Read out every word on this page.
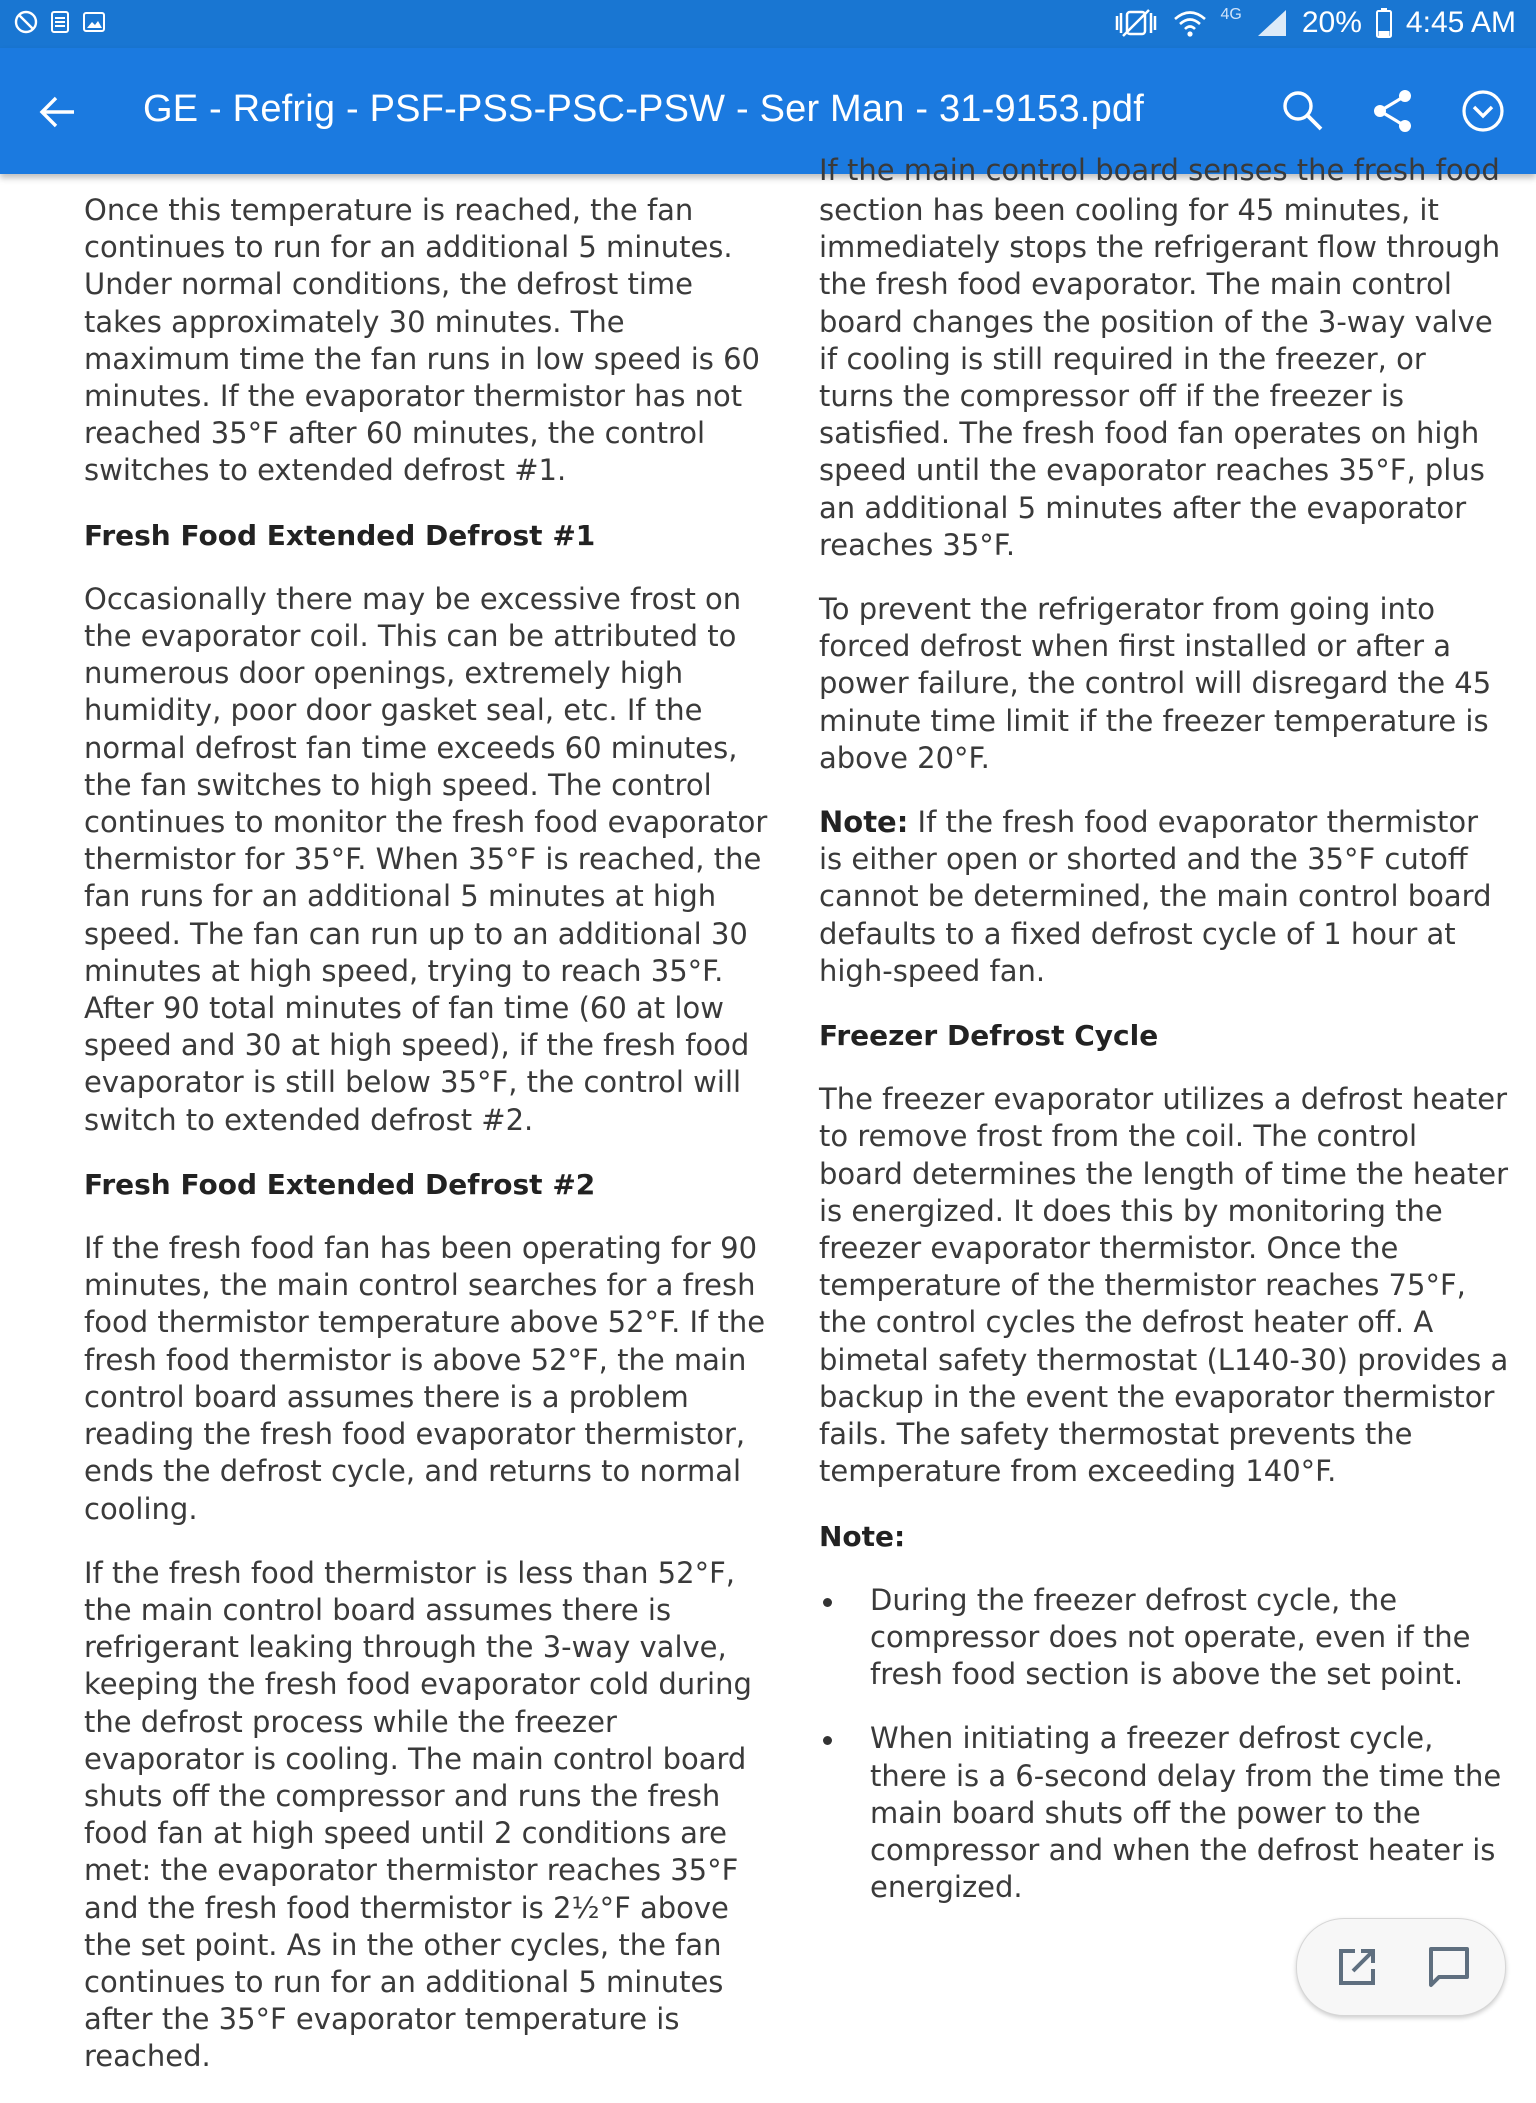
4G 20% 4:45 AM
GE - Refrig - PSF-PSS-PSC-PSW - Ser Man - 31-9153.pdf
If the main control board senses the fresh food

Once this temperature is reached, the fan continues to run for an additional 5 minutes. Under normal conditions, the defrost time takes approximately 30 minutes. The maximum time the fan runs in low speed is 60 minutes. If the evaporator thermistor has not reached 35°F after 60 minutes, the control switches to extended defrost #1.

Fresh Food Extended Defrost #1

Occasionally there may be excessive frost on the evaporator coil. This can be attributed to numerous door openings, extremely high humidity, poor door gasket seal, etc. If the normal defrost fan time exceeds 60 minutes, the fan switches to high speed. The control continues to monitor the fresh food evaporator thermistor for 35°F. When 35°F is reached, the fan runs for an additional 5 minutes at high speed. The fan can run up to an additional 30 minutes at high speed, trying to reach 35°F. After 90 total minutes of fan time (60 at low speed and 30 at high speed), if the fresh food evaporator is still below 35°F, the control will switch to extended defrost #2.

Fresh Food Extended Defrost #2

If the fresh food fan has been operating for 90 minutes, the main control searches for a fresh food thermistor temperature above 52°F. If the fresh food thermistor is above 52°F, the main control board assumes there is a problem reading the fresh food evaporator thermistor, ends the defrost cycle, and returns to normal cooling.

If the fresh food thermistor is less than 52°F, the main control board assumes there is refrigerant leaking through the 3-way valve, keeping the fresh food evaporator cold during the defrost process while the freezer evaporator is cooling. The main control board shuts off the compressor and runs the fresh food fan at high speed until 2 conditions are met: the evaporator thermistor reaches 35°F and the fresh food thermistor is 2½°F above the set point. As in the other cycles, the fan continues to run for an additional 5 minutes after the 35°F evaporator temperature is reached.

section has been cooling for 45 minutes, it immediately stops the refrigerant flow through the fresh food evaporator. The main control board changes the position of the 3-way valve if cooling is still required in the freezer, or turns the compressor off if the freezer is satisfied. The fresh food fan operates on high speed until the evaporator reaches 35°F, plus an additional 5 minutes after the evaporator reaches 35°F.

To prevent the refrigerator from going into forced defrost when first installed or after a power failure, the control will disregard the 45 minute time limit if the freezer temperature is above 20°F.

Note: If the fresh food evaporator thermistor is either open or shorted and the 35°F cutoff cannot be determined, the main control board defaults to a fixed defrost cycle of 1 hour at high-speed fan.

Freezer Defrost Cycle

The freezer evaporator utilizes a defrost heater to remove frost from the coil. The control board determines the length of time the heater is energized. It does this by monitoring the freezer evaporator thermistor. Once the temperature of the thermistor reaches 75°F, the control cycles the defrost heater off. A bimetal safety thermostat (L140-30) provides a backup in the event the evaporator thermistor fails. The safety thermostat prevents the temperature from exceeding 140°F.

Note:
During the freezer defrost cycle, the compressor does not operate, even if the fresh food section is above the set point.
When initiating a freezer defrost cycle, there is a 6-second delay from the time the main board shuts off the power to the compressor and when the defrost heater is energized.
